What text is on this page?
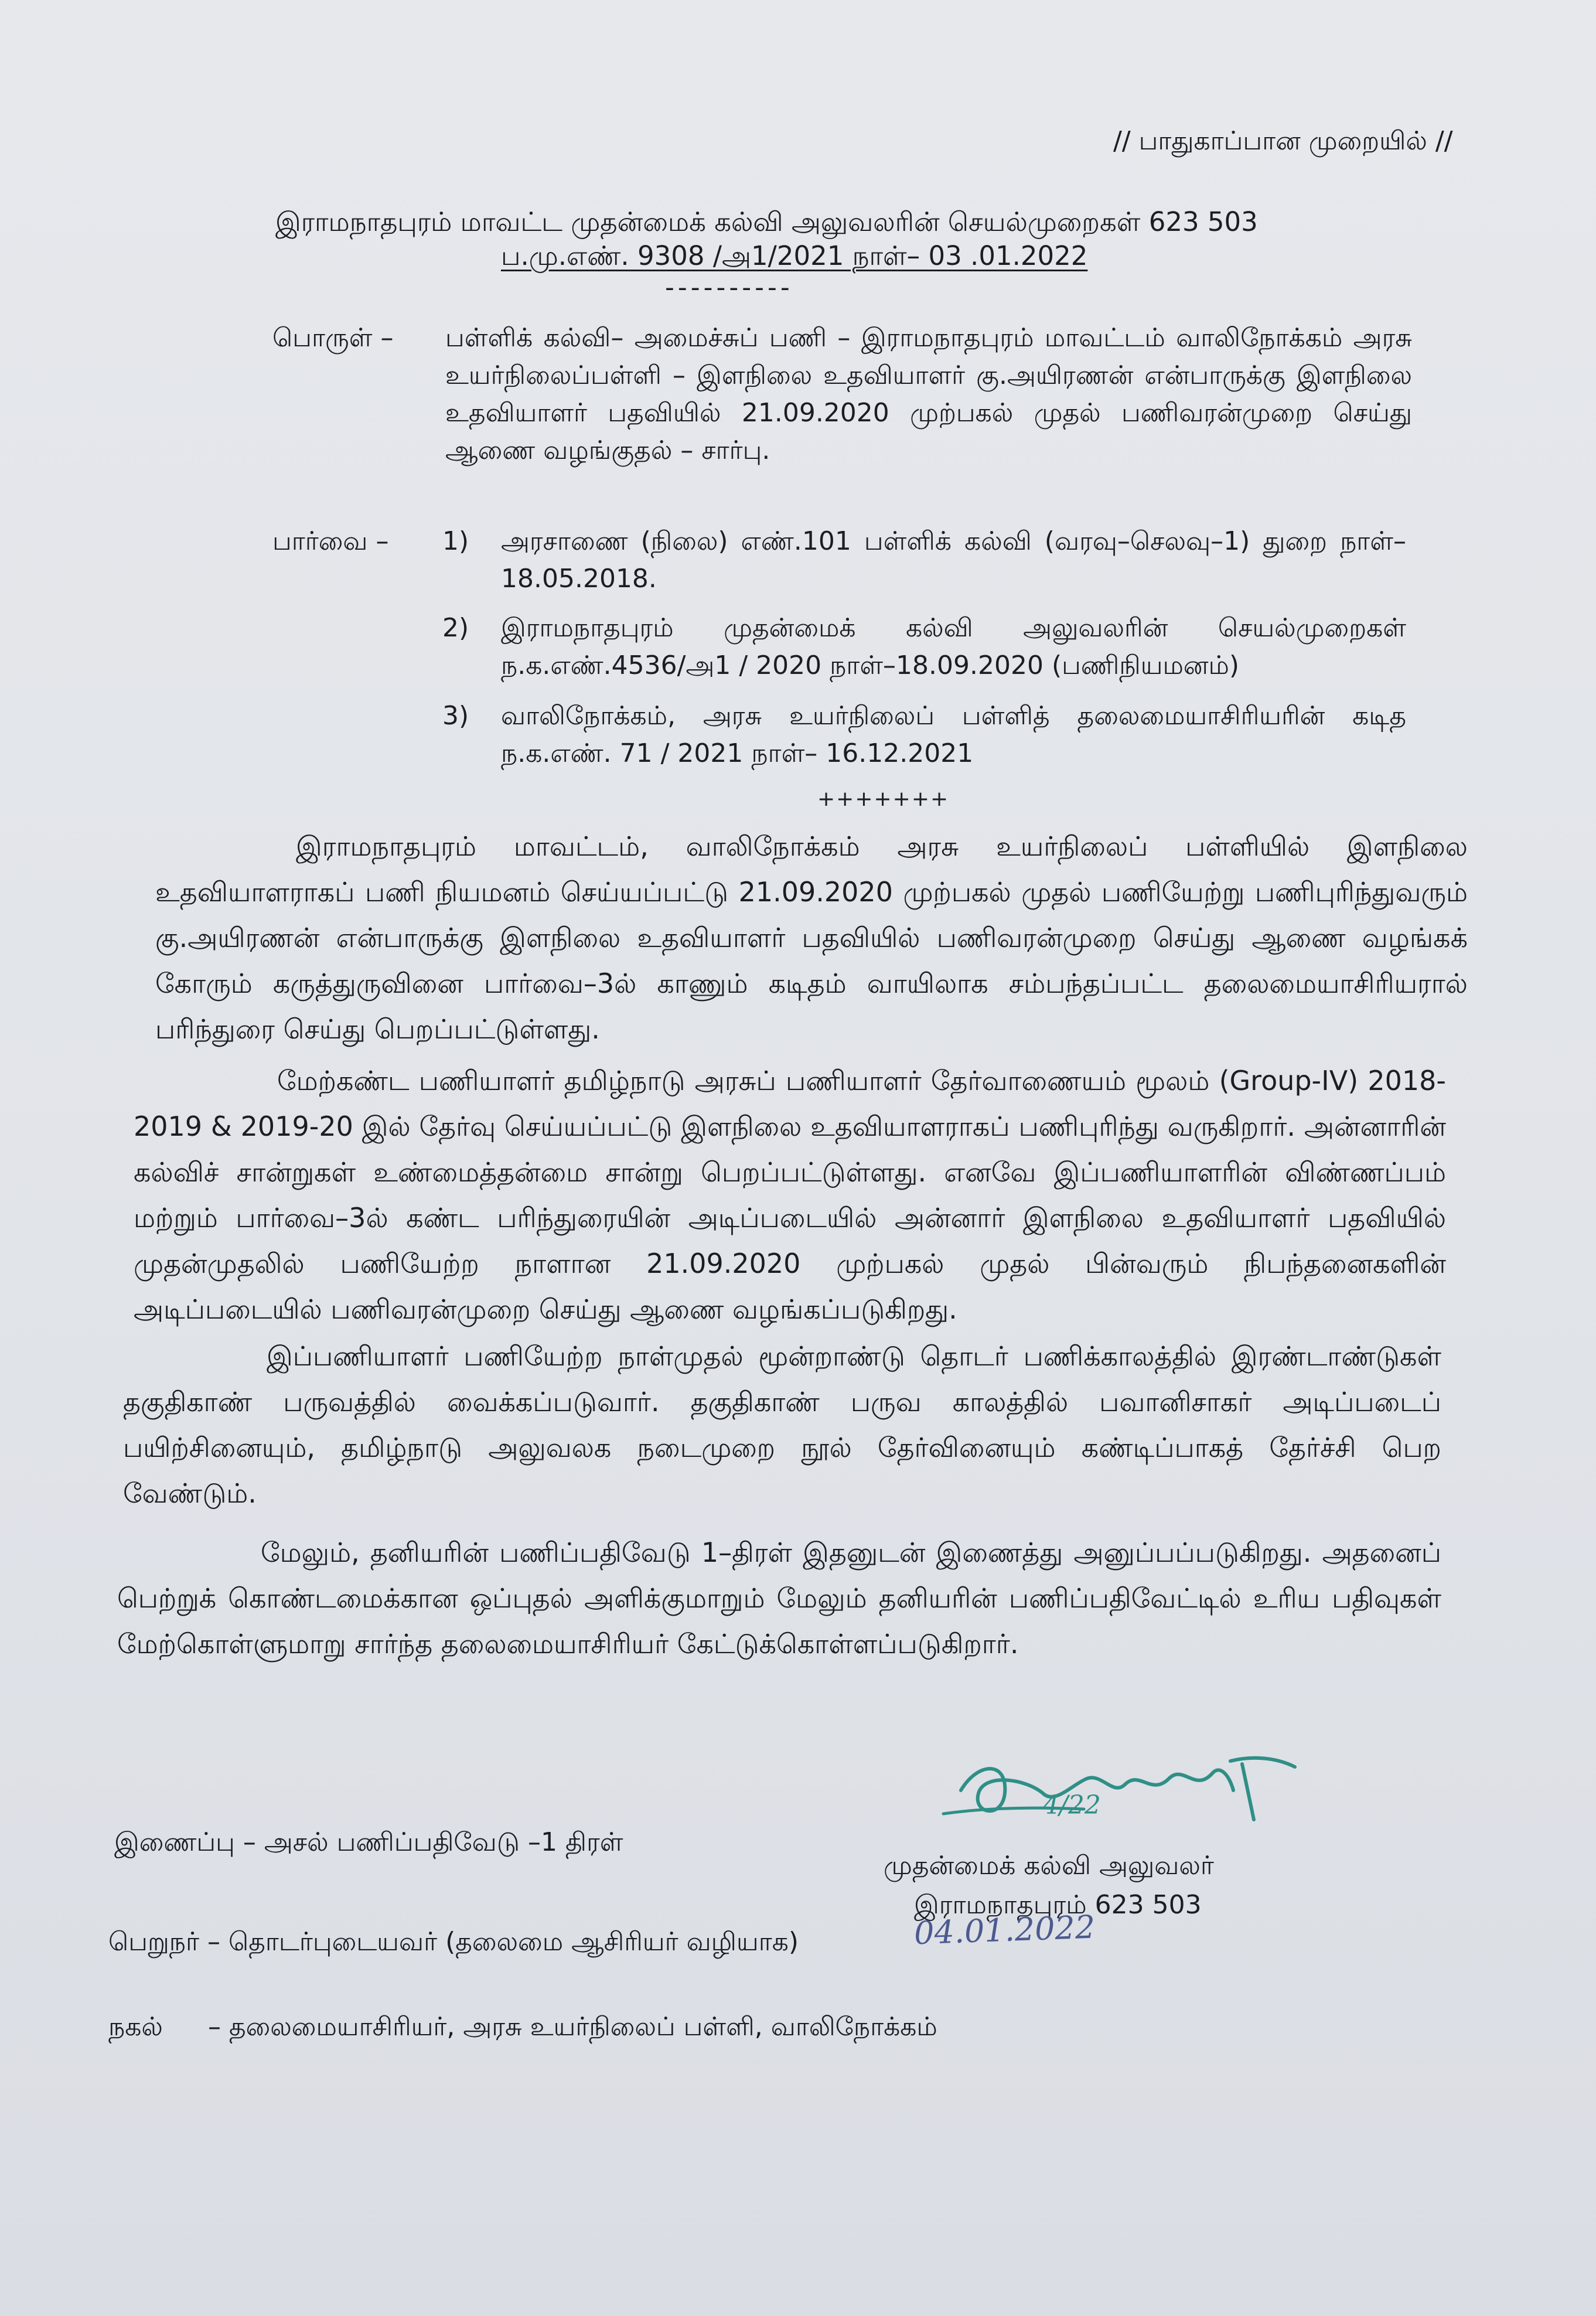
// பாதுகாப்பான முறையில் //
இராமநாதபுரம் மாவட்ட முதன்மைக் கல்வி அலுவலரின் செயல்முறைகள் 623 503
ப.மு.எண். 9308 /அ1/2021 நாள்– 03 .01.2022
----------
பொருள் – பள்ளிக் கல்வி– அமைச்சுப் பணி – இராமநாதபுரம் மாவட்டம் வாலிநோக்கம் அரசு உயர்நிலைப்பள்ளி – இளநிலை உதவியாளர் கு.அயிரணன் என்பாருக்கு இளநிலை உதவியாளர் பதவியில் 21.09.2020 முற்பகல் முதல் பணிவரன்முறை செய்து ஆணை வழங்குதல் – சார்பு.
பார்வை – 1) அரசாணை (நிலை) எண்.101 பள்ளிக் கல்வி (வரவு–செலவு–1) துறை நாள்–18.05.2018.
2) இராமநாதபுரம் முதன்மைக் கல்வி அலுவலரின் செயல்முறைகள் ந.க.எண்.4536/அ1 / 2020 நாள்–18.09.2020 (பணிநியமனம்)
3) வாலிநோக்கம், அரசு உயர்நிலைப் பள்ளித் தலைமையாசிரியரின் கடித ந.க.எண். 71 / 2021 நாள்– 16.12.2021
+++++++
இராமநாதபுரம் மாவட்டம், வாலிநோக்கம் அரசு உயர்நிலைப் பள்ளியில் இளநிலை உதவியாளராகப் பணி நியமனம் செய்யப்பட்டு 21.09.2020 முற்பகல் முதல் பணியேற்று பணிபுரிந்துவரும் கு.அயிரணன் என்பாருக்கு இளநிலை உதவியாளர் பதவியில் பணிவரன்முறை செய்து ஆணை வழங்கக் கோரும் கருத்துருவினை பார்வை–3ல் காணும் கடிதம் வாயிலாக சம்பந்தப்பட்ட தலைமையாசிரியரால் பரிந்துரை செய்து பெறப்பட்டுள்ளது.
மேற்கண்ட பணியாளர் தமிழ்நாடு அரசுப் பணியாளர் தேர்வாணையம் மூலம் (Group-IV) 2018-2019 & 2019-20 இல் தேர்வு செய்யப்பட்டு இளநிலை உதவியாளராகப் பணிபுரிந்து வருகிறார். அன்னாரின் கல்விச் சான்றுகள் உண்மைத்தன்மை சான்று பெறப்பட்டுள்ளது. எனவே இப்பணியாளரின் விண்ணப்பம் மற்றும் பார்வை–3ல் கண்ட பரிந்துரையின் அடிப்படையில் அன்னார் இளநிலை உதவியாளர் பதவியில் முதன்முதலில் பணியேற்ற நாளான 21.09.2020 முற்பகல் முதல் பின்வரும் நிபந்தனைகளின் அடிப்படையில் பணிவரன்முறை செய்து ஆணை வழங்கப்படுகிறது.
இப்பணியாளர் பணியேற்ற நாள்முதல் மூன்றாண்டு தொடர் பணிக்காலத்தில் இரண்டாண்டுகள் தகுதிகாண் பருவத்தில் வைக்கப்படுவார். தகுதிகாண் பருவ காலத்தில் பவானிசாகர் அடிப்படைப் பயிற்சினையும், தமிழ்நாடு அலுவலக நடைமுறை நூல் தேர்வினையும் கண்டிப்பாகத் தேர்ச்சி பெற வேண்டும்.
மேலும், தனியரின் பணிப்பதிவேடு 1–திரள் இதனுடன் இணைத்து அனுப்பப்படுகிறது. அதனைப் பெற்றுக் கொண்டமைக்கான ஒப்புதல் அளிக்குமாறும் மேலும் தனியரின் பணிப்பதிவேட்டில் உரிய பதிவுகள் மேற்கொள்ளுமாறு சார்ந்த தலைமையாசிரியர் கேட்டுக்கொள்ளப்படுகிறார்.
4/22
இணைப்பு – அசல் பணிப்பதிவேடு –1 திரள்
முதன்மைக் கல்வி அலுவலர்
இராமநாதபுரம் 623 503
04.01.2022
பெறுநர் – தொடர்புடையவர் (தலைமை ஆசிரியர் வழியாக)
நகல் – தலைமையாசிரியர், அரசு உயர்நிலைப் பள்ளி, வாலிநோக்கம்
